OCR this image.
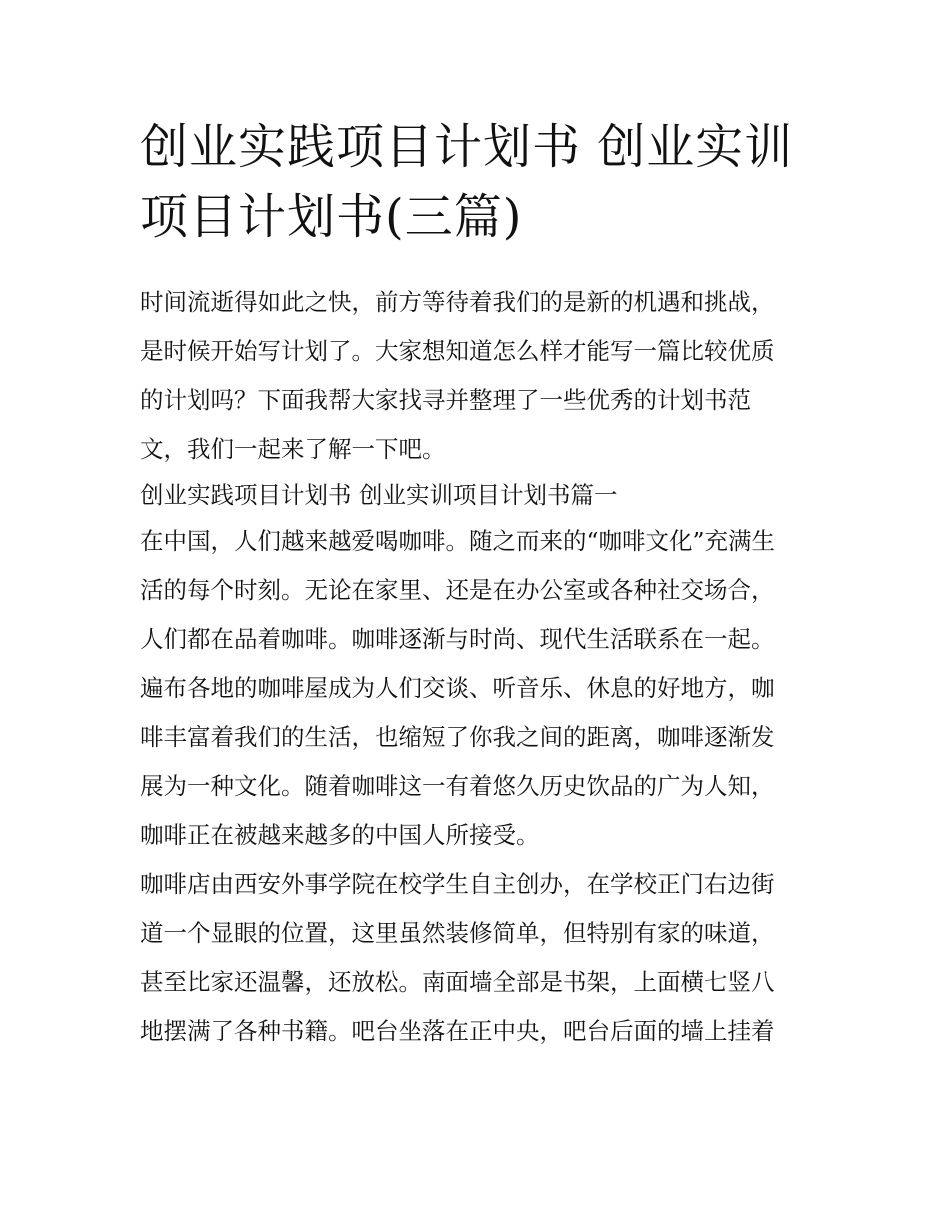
创业实践项目计划书 创业实训
项目计划书(三篇)

时间流逝得如此之快，前方等待着我们的是新的机遇和挑战，
是时候开始写计划了。大家想知道怎么样才能写一篇比较优质
的计划吗？下面我帮大家找寻并整理了一些优秀的计划书范
文，我们一起来了解一下吧。

创业实践项目计划书 创业实训项目计划书篇一

在中国，人们越来越爱喝咖啡。随之而来的“咖啡文化”充满生
活的每个时刻。无论在家里、还是在办公室或各种社交场合，
人们都在品着咖啡。咖啡逐渐与时尚、现代生活联系在一起。
遍布各地的咖啡屋成为人们交谈、听音乐、休息的好地方，咖
啡丰富着我们的生活，也缩短了你我之间的距离，咖啡逐渐发
展为一种文化。随着咖啡这一有着悠久历史饮品的广为人知，
咖啡正在被越来越多的中国人所接受。

咖啡店由西安外事学院在校学生自主创办，在学校正门右边街
道一个显眼的位置，这里虽然装修简单，但特别有家的味道，
甚至比家还温馨，还放松。南面墙全部是书架，上面横七竖八
地摆满了各种书籍。吧台坐落在正中央，吧台后面的墙上挂着
